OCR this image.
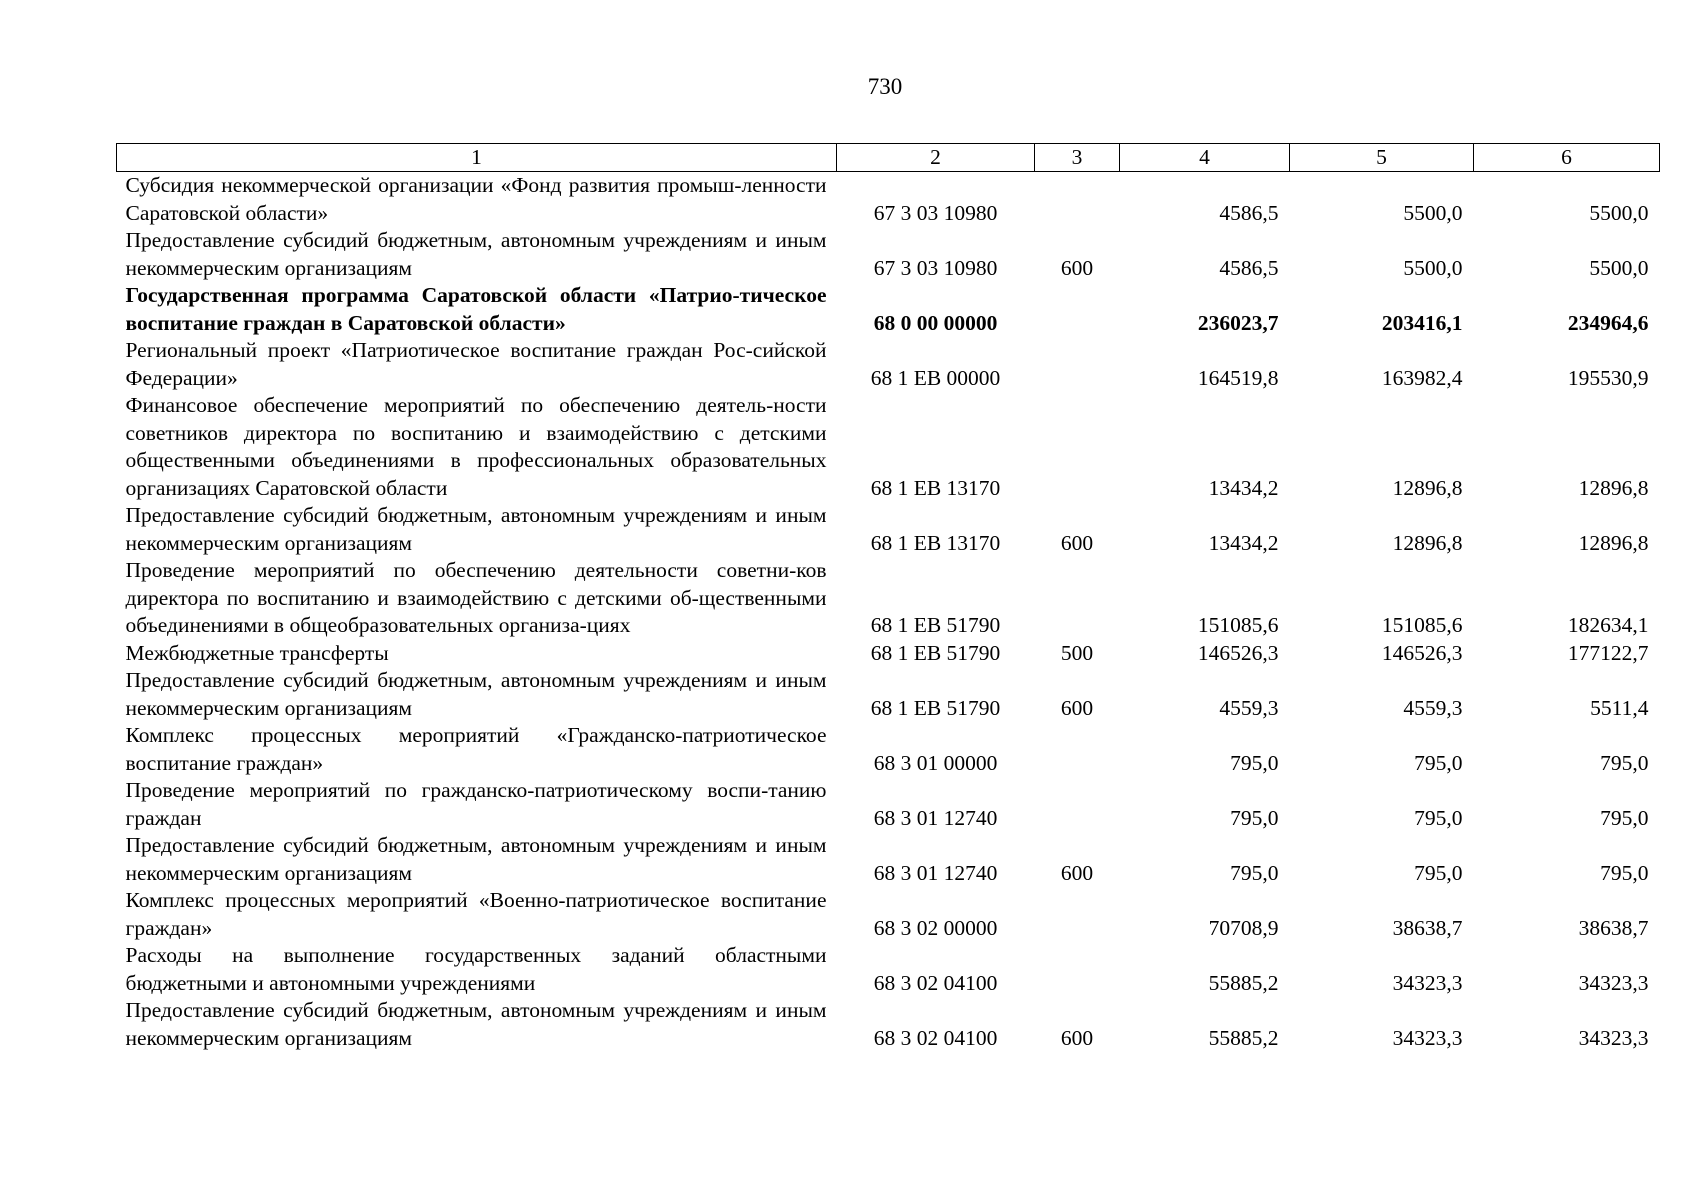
730
1	2	3	4	5	6
Субсидия некоммерческой организации «Фонд развития промыш-ленности Саратовской области»	67 3 03 10980		4586,5	5500,0	5500,0
Предоставление субсидий бюджетным, автономным учреждениям и иным некоммерческим организациям	67 3 03 10980	600	4586,5	5500,0	5500,0
Государственная программа Саратовской области «Патрио-тическое воспитание граждан в Саратовской области»	68 0 00 00000		236023,7	203416,1	234964,6
Региональный проект «Патриотическое воспитание граждан Рос-сийской Федерации»	68 1 ЕВ 00000		164519,8	163982,4	195530,9
Финансовое обеспечение мероприятий по обеспечению деятель-ности советников директора по воспитанию и взаимодействию с детскими общественными объединениями в профессиональных образовательных организациях Саратовской области	68 1 ЕВ 13170		13434,2	12896,8	12896,8
Предоставление субсидий бюджетным, автономным учреждениям и иным некоммерческим организациям	68 1 ЕВ 13170	600	13434,2	12896,8	12896,8
Проведение мероприятий по обеспечению деятельности советни-ков директора по воспитанию и взаимодействию с детскими об-щественными объединениями в общеобразовательных организа-циях	68 1 ЕВ 51790		151085,6	151085,6	182634,1
Межбюджетные трансферты	68 1 ЕВ 51790	500	146526,3	146526,3	177122,7
Предоставление субсидий бюджетным, автономным учреждениям и иным некоммерческим организациям	68 1 ЕВ 51790	600	4559,3	4559,3	5511,4
Комплекс процессных мероприятий «Гражданско-патриотическое воспитание граждан»	68 3 01 00000		795,0	795,0	795,0
Проведение мероприятий по гражданско-патриотическому воспи-танию граждан	68 3 01 12740		795,0	795,0	795,0
Предоставление субсидий бюджетным, автономным учреждениям и иным некоммерческим организациям	68 3 01 12740	600	795,0	795,0	795,0
Комплекс процессных мероприятий «Военно-патриотическое воспитание граждан»	68 3 02 00000		70708,9	38638,7	38638,7
Расходы на выполнение государственных заданий областными бюджетными и автономными учреждениями	68 3 02 04100		55885,2	34323,3	34323,3
Предоставление субсидий бюджетным, автономным учреждениям и иным некоммерческим организациям	68 3 02 04100	600	55885,2	34323,3	34323,3
